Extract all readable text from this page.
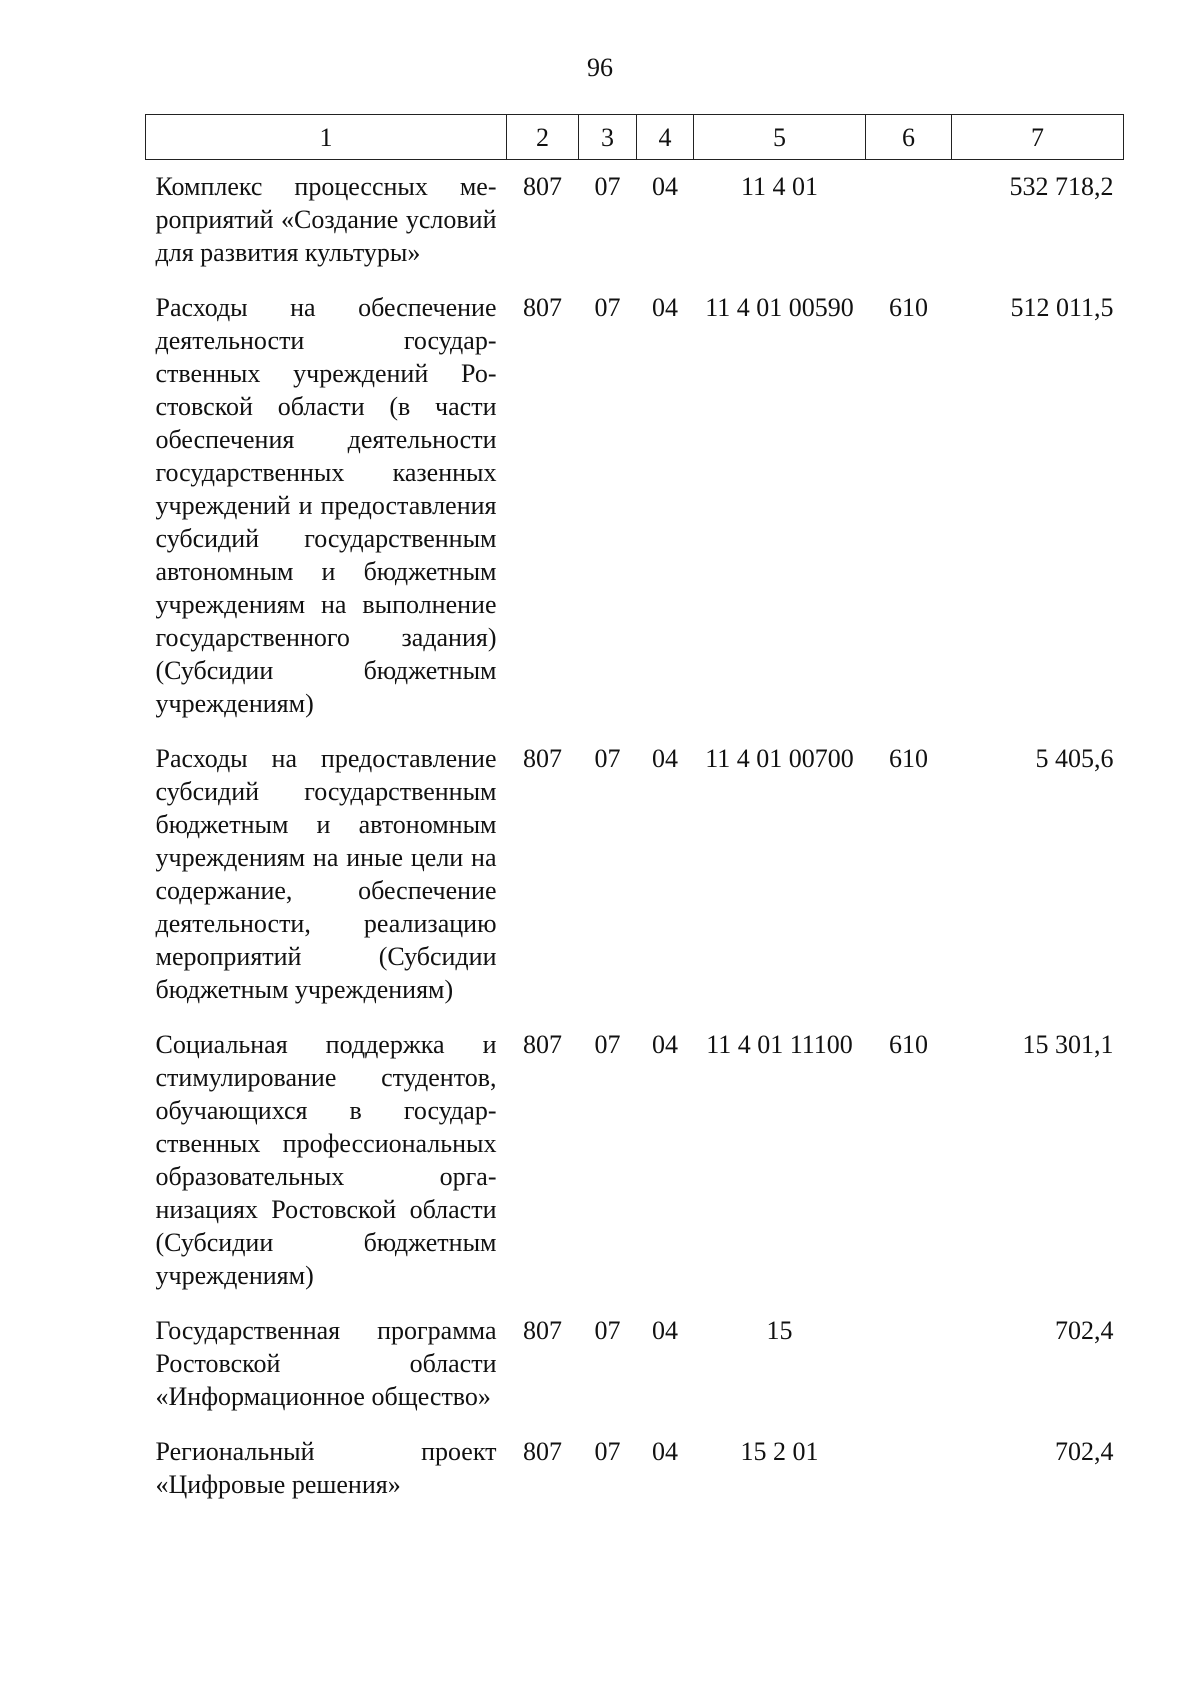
96
1	2	3	4	5	6	7
Комплекс процессных мероприятий «Создание условий для развития культуры»	807	07	04	11 4 01		532 718,2
Расходы на обеспечение деятельности государственных учреждений Ростовской области (в части обеспечения деятельности государственных казенных учреждений и предоставления субсидий государственным автономным и бюджетным учреждениям на выполнение государственного задания) (Субсидии бюджетным учреждениям)	807	07	04	11 4 01 00590	610	512 011,5
Расходы на предоставление субсидий государственным бюджетным и автономным учреждениям на иные цели на содержание, обеспечение деятельности, реализацию мероприятий (Субсидии бюджетным учреждениям)	807	07	04	11 4 01 00700	610	5 405,6
Социальная поддержка и стимулирование студентов, обучающихся в государственных профессиональных образовательных организациях Ростовской области (Субсидии бюджетным учреждениям)	807	07	04	11 4 01 11100	610	15 301,1
Государственная программа Ростовской области «Информационное общество»	807	07	04	15		702,4
Региональный проект «Цифровые решения»	807	07	04	15 2 01		702,4
